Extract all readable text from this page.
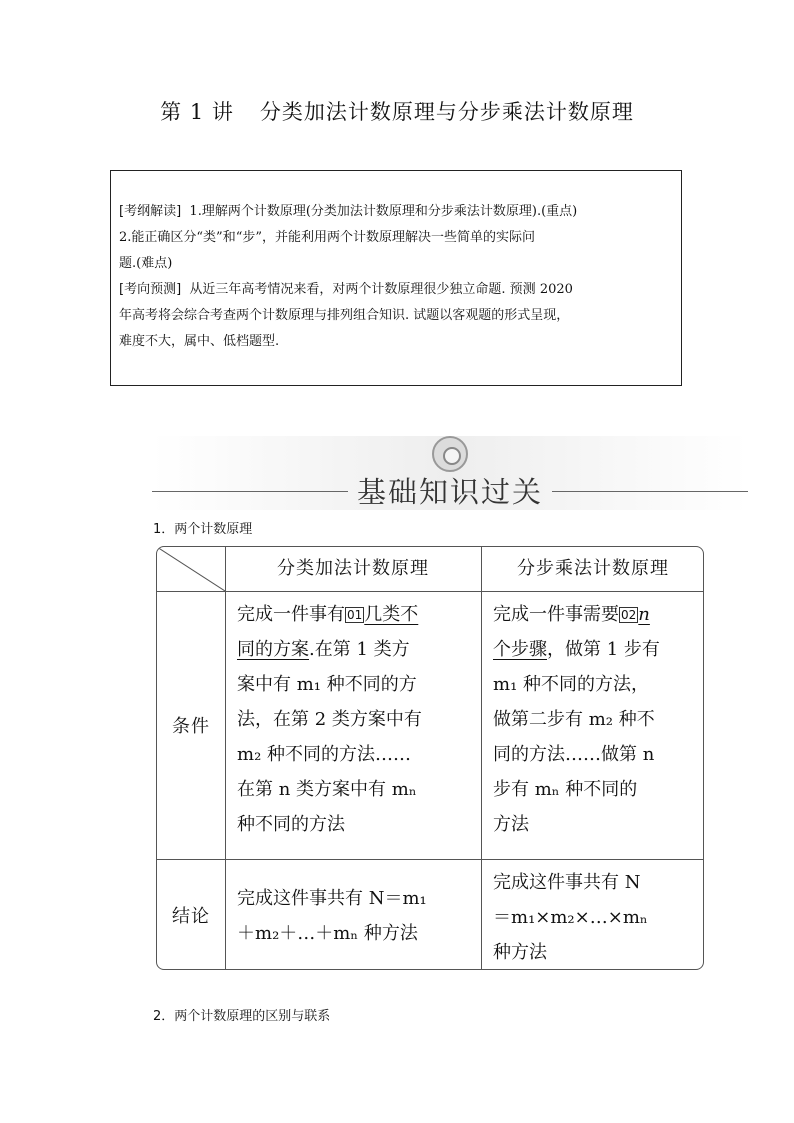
第 1 讲 分类加法计数原理与分步乘法计数原理

[考纲解读] 1.理解两个计数原理(分类加法计数原理和分步乘法计数原理).(重点)

2.能正确区分“类”和“步”，并能利用两个计数原理解决一些简单的实际问

题.(难点)

[考向预测] 从近三年高考情况来看，对两个计数原理很少独立命题. 预测 2020

年高考将会综合考查两个计数原理与排列组合知识. 试题以客观题的形式呈现，

难度不大，属中、低档题型.

基础知识过关
1．两个计数原理
分类加法计数原理	分步乘法计数原理
条件
结论
完成一件事有 01 几类不
同的方案.在第 1 类方
案中有 m₁ 种不同的方
法，在第 2 类方案中有
m₂ 种不同的方法……
在第 n 类方案中有 mₙ
种不同的方法
完成一件事需要 02 n
个步骤，做第 1 步有
m₁ 种不同的方法，
做第二步有 m₂ 种不
同的方法……做第 n
步有 mₙ 种不同的
方法
完成这件事共有 N＝m₁
＋m₂＋…＋mₙ 种方法
完成这件事共有 N
＝m₁×m₂×…×mₙ
种方法
2．两个计数原理的区别与联系
